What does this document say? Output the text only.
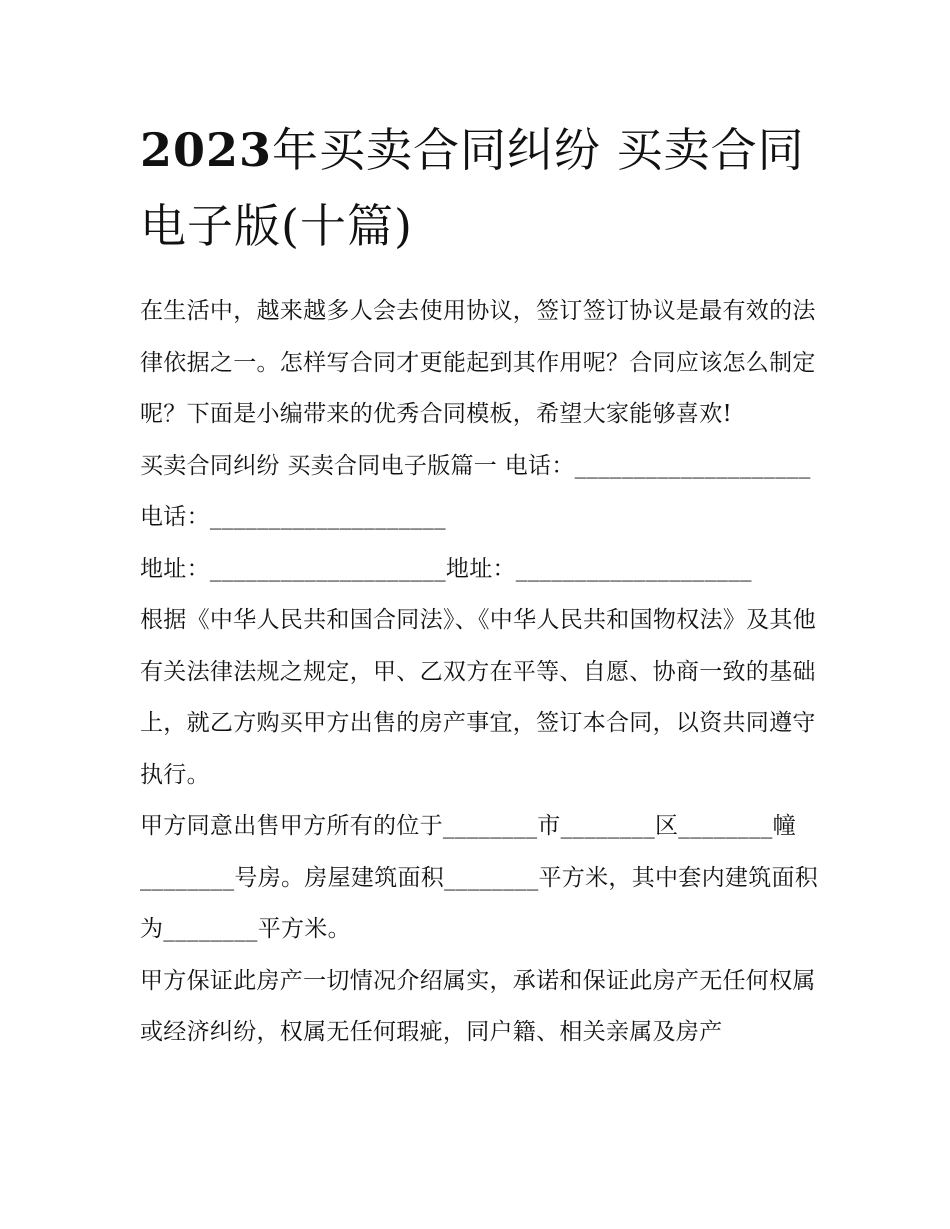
2023年买卖合同纠纷 买卖合同电子版(十篇)

在生活中，越来越多人会去使用协议，签订签订协议是最有效的法律依据之一。怎样写合同才更能起到其作用呢？合同应该怎么制定呢？下面是小编带来的优秀合同模板，希望大家能够喜欢!

买卖合同纠纷 买卖合同电子版篇一 电话：____________________电话：____________________

地址：____________________地址：____________________

根据《中华人民共和国合同法》、《中华人民共和国物权法》及其他有关法律法规之规定，甲、乙双方在平等、自愿、协商一致的基础上，就乙方购买甲方出售的房产事宜，签订本合同，以资共同遵守执行。

甲方同意出售甲方所有的位于________市________区________幢________号房。房屋建筑面积________平方米，其中套内建筑面积为________平方米。

甲方保证此房产一切情况介绍属实，承诺和保证此房产无任何权属或经济纠纷，权属无任何瑕疵，同户籍、相关亲属及房产
